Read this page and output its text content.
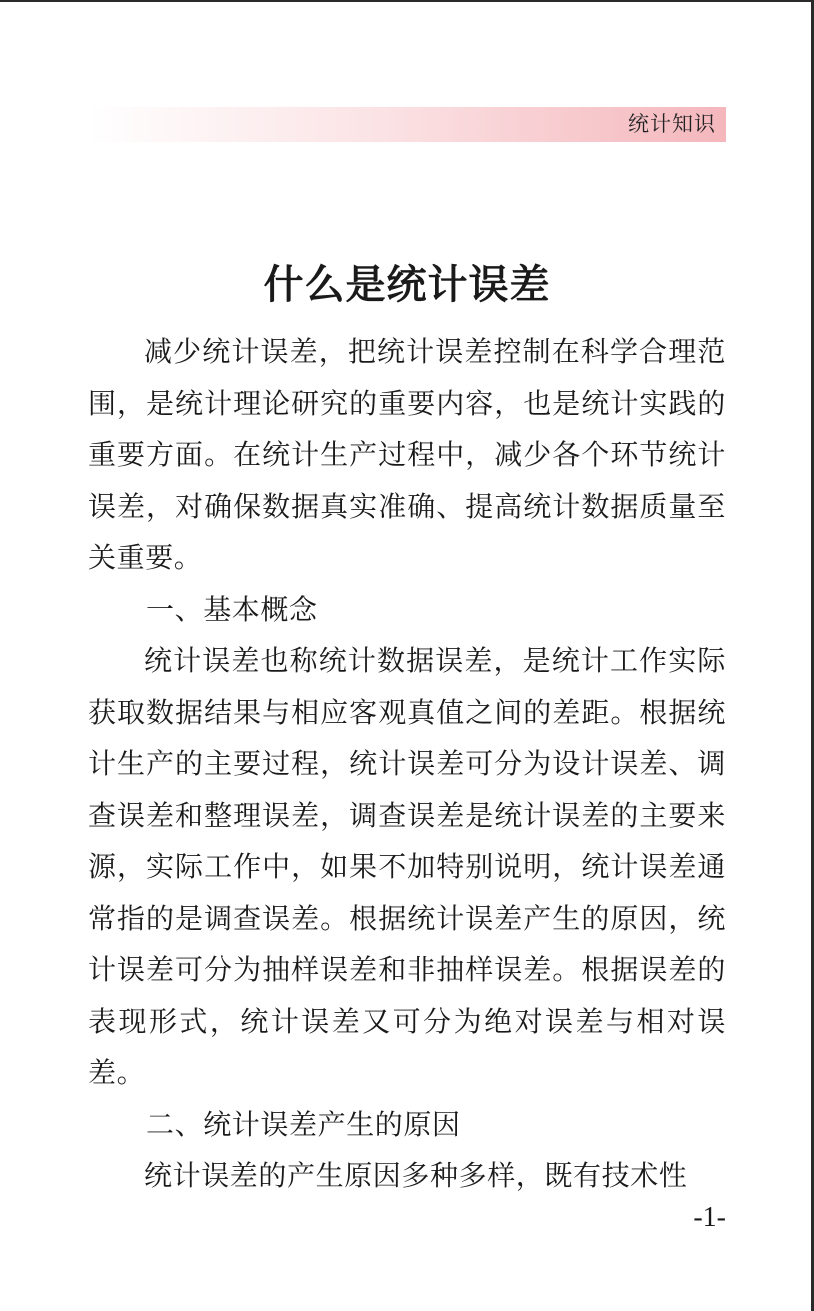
统计知识
什么是统计误差

减少统计误差，把统计误差控制在科学合理范围，是统计理论研究的重要内容，也是统计实践的重要方面。在统计生产过程中，减少各个环节统计误差，对确保数据真实准确、提高统计数据质量至关重要。

一、基本概念

统计误差也称统计数据误差，是统计工作实际获取数据结果与相应客观真值之间的差距。根据统计生产的主要过程，统计误差可分为设计误差、调查误差和整理误差，调查误差是统计误差的主要来源，实际工作中，如果不加特别说明，统计误差通常指的是调查误差。根据统计误差产生的原因，统计误差可分为抽样误差和非抽样误差。根据误差的表现形式，统计误差又可分为绝对误差与相对误差。

二、统计误差产生的原因

统计误差的产生原因多种多样，既有技术性

-1-
